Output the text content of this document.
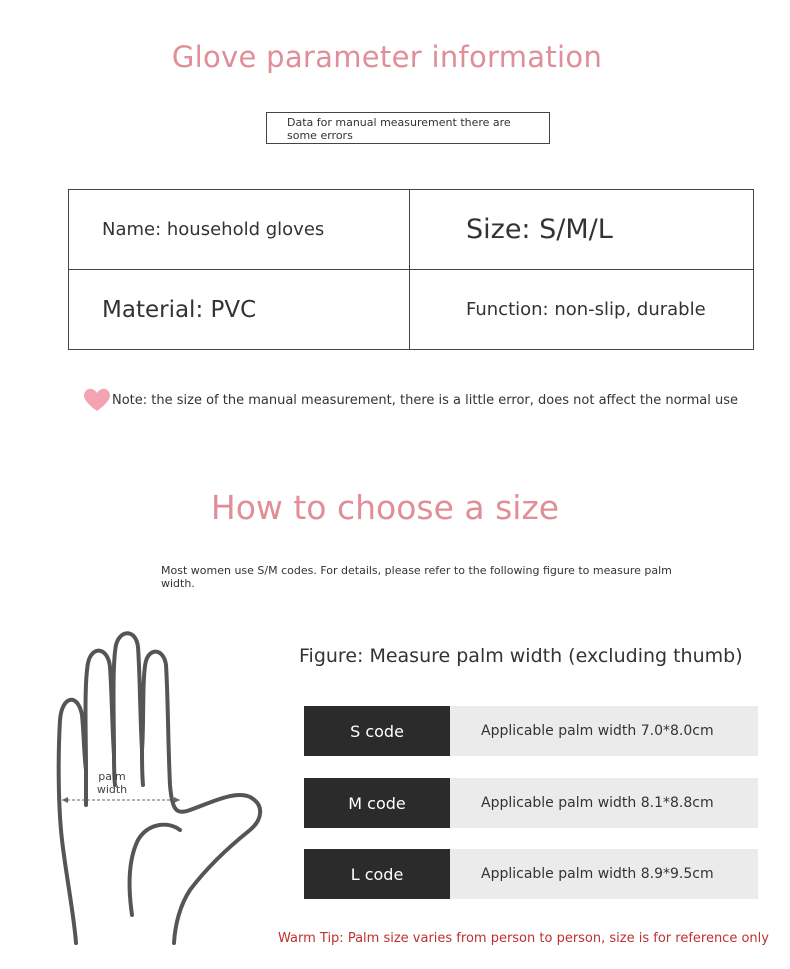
Glove parameter information
Data for manual measurement there are some errors
Name: household gloves	Size: S/M/L
Material: PVC	Function: non-slip, durable
Note: the size of the manual measurement, there is a little error, does not affect the normal use
How to choose a size
Most women use S/M codes. For details, please refer to the following figure to measure palm width.
palm
width
Figure: Measure palm width (excluding thumb)
S code	Applicable palm width 7.0*8.0cm
M code	Applicable palm width 8.1*8.8cm
L code	Applicable palm width 8.9*9.5cm
Warm Tip: Palm size varies from person to person, size is for reference only
